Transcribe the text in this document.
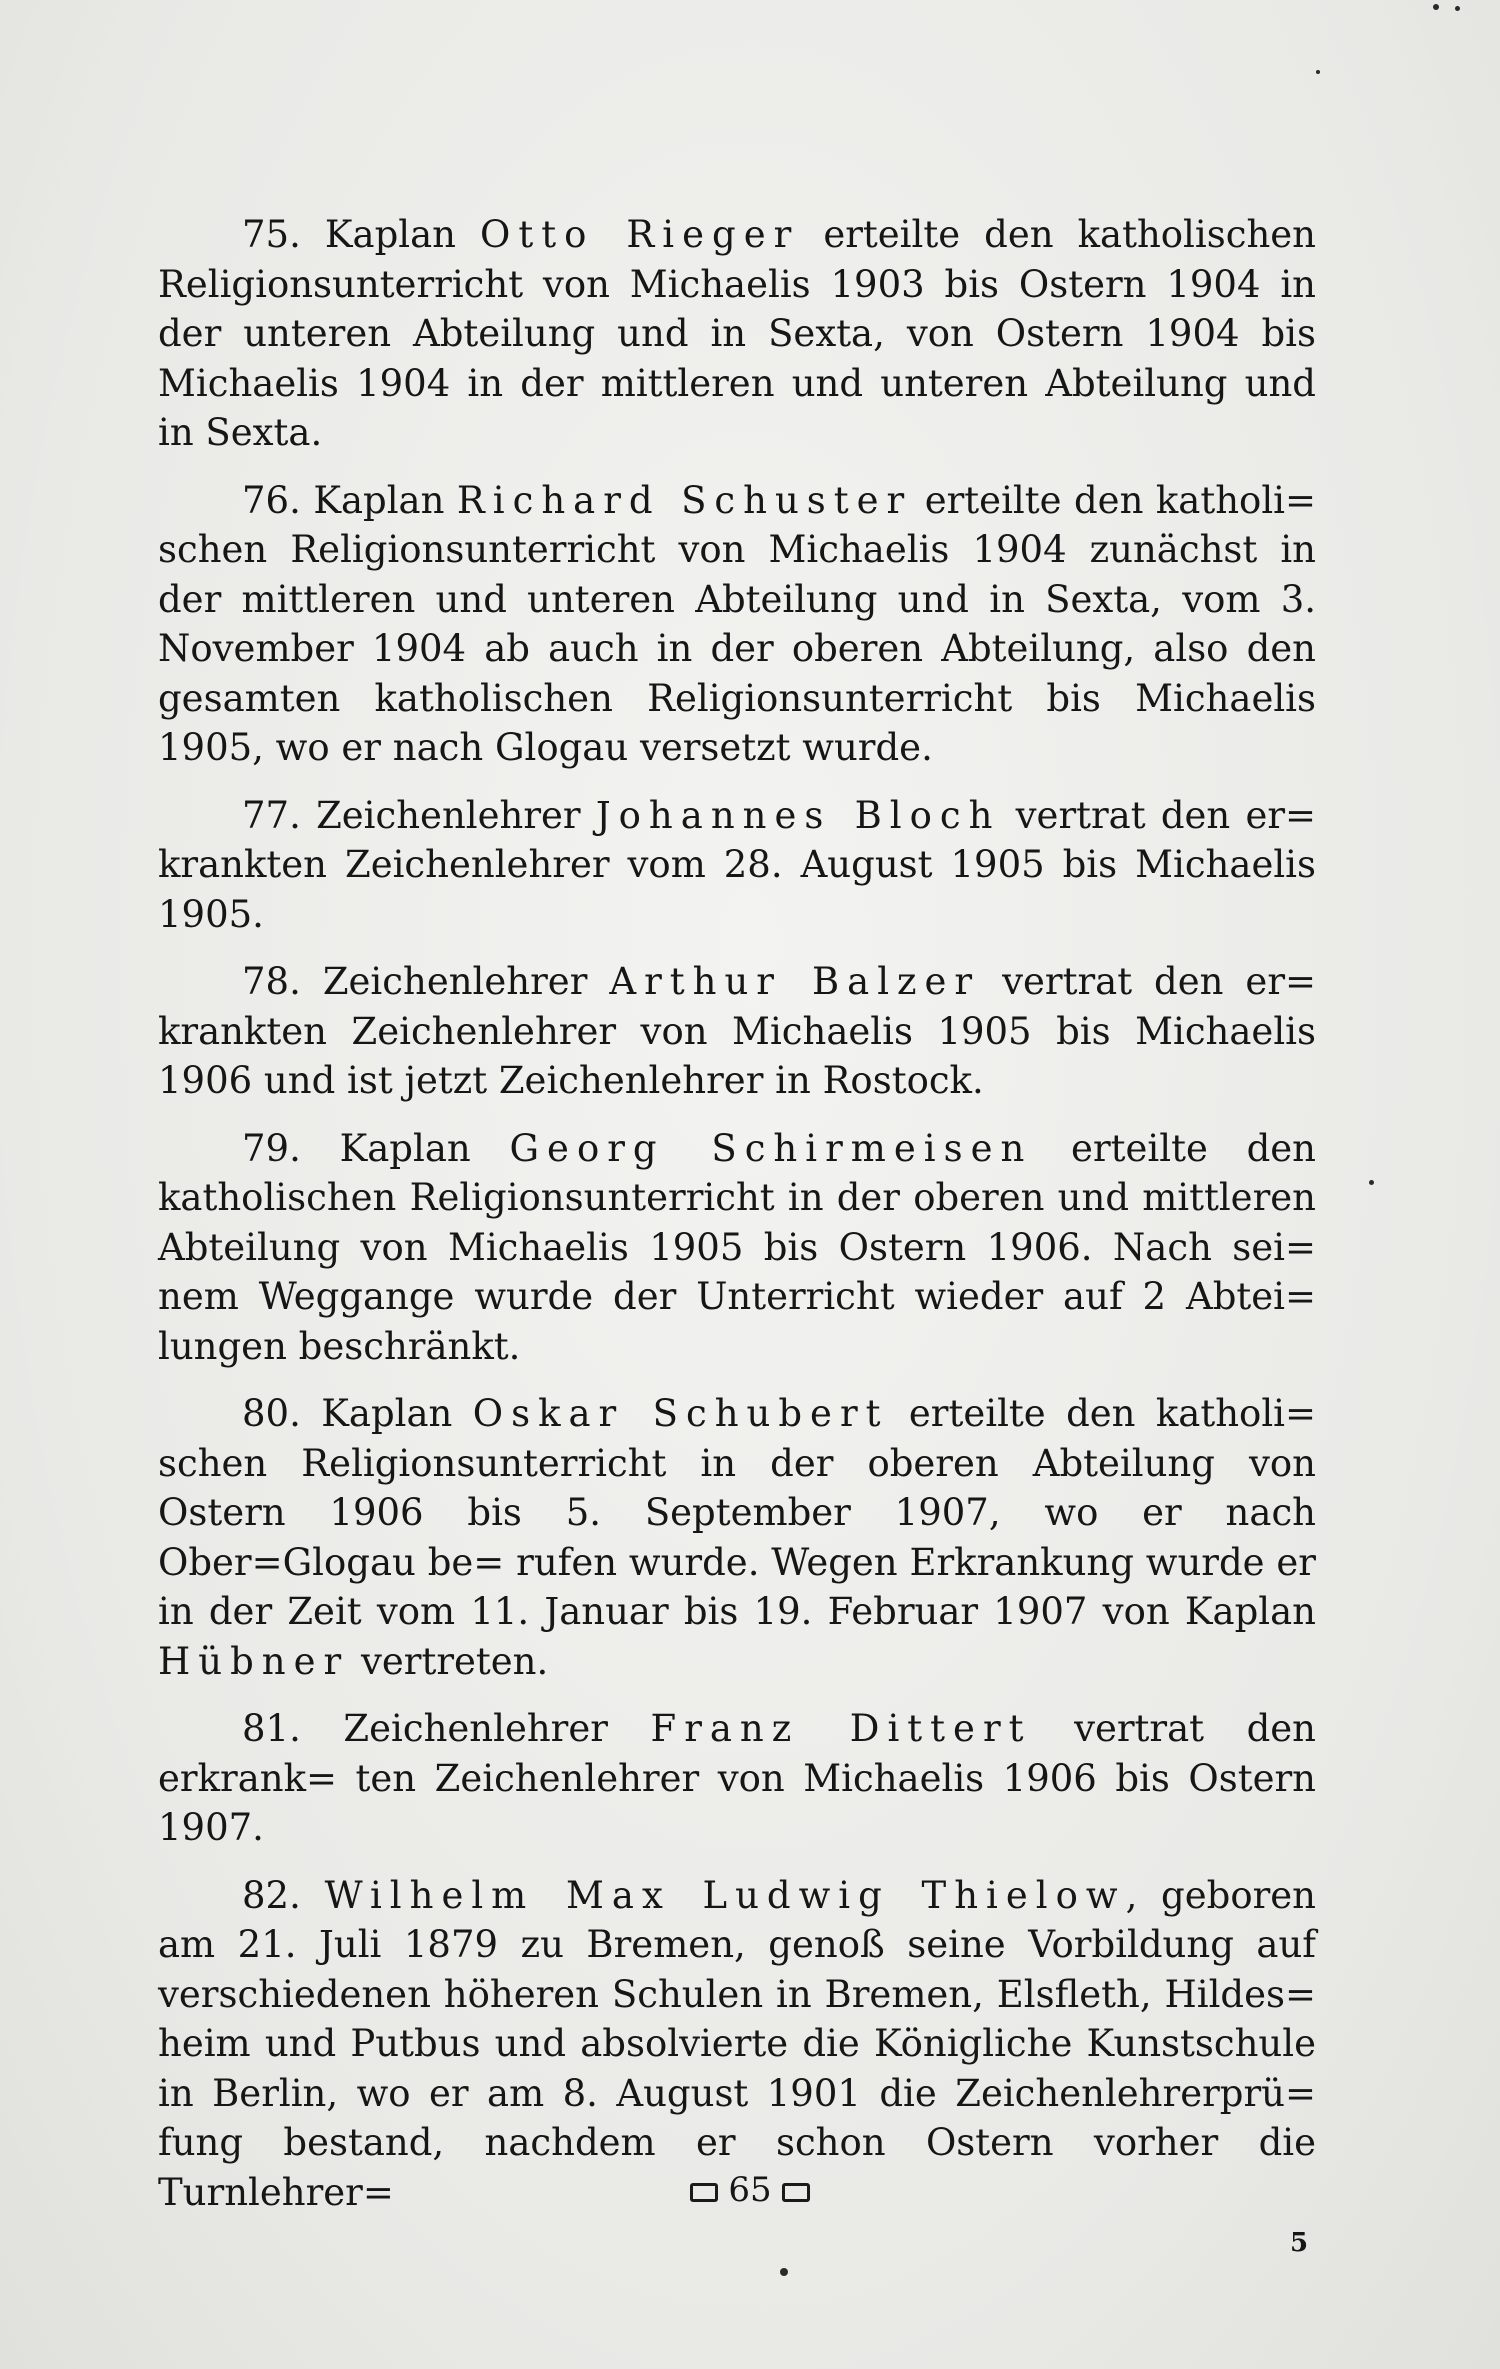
75. Kaplan Otto Rieger erteilte den katholischen Religionsunterricht von Michaelis 1903 bis Ostern 1904 in der unteren Abteilung und in Sexta, von Ostern 1904 bis Michaelis 1904 in der mittleren und unteren Abteilung und in Sexta.

76. Kaplan Richard Schuster erteilte den katholi= schen Religionsunterricht von Michaelis 1904 zunächst in der mittleren und unteren Abteilung und in Sexta, vom 3. November 1904 ab auch in der oberen Abteilung, also den gesamten katholischen Religionsunterricht bis Michaelis 1905, wo er nach Glogau versetzt wurde.

77. Zeichenlehrer Johannes Bloch vertrat den er= krankten Zeichenlehrer vom 28. August 1905 bis Michaelis 1905.

78. Zeichenlehrer Arthur Balzer vertrat den er= krankten Zeichenlehrer von Michaelis 1905 bis Michaelis 1906 und ist jetzt Zeichenlehrer in Rostock.

79. Kaplan Georg Schirmeisen erteilte den katholischen Religionsunterricht in der oberen und mittleren Abteilung von Michaelis 1905 bis Ostern 1906. Nach sei= nem Weggange wurde der Unterricht wieder auf 2 Abtei= lungen beschränkt.

80. Kaplan Oskar Schubert erteilte den katholi= schen Religionsunterricht in der oberen Abteilung von Ostern 1906 bis 5. September 1907, wo er nach Ober=Glogau be= rufen wurde. Wegen Erkrankung wurde er in der Zeit vom 11. Januar bis 19. Februar 1907 von Kaplan Hübner vertreten.

81. Zeichenlehrer Franz Dittert vertrat den erkrank= ten Zeichenlehrer von Michaelis 1906 bis Ostern 1907.

82. Wilhelm Max Ludwig Thielow, geboren am 21. Juli 1879 zu Bremen, genoß seine Vorbildung auf verschiedenen höheren Schulen in Bremen, Elsfleth, Hildes= heim und Putbus und absolvierte die Königliche Kunstschule in Berlin, wo er am 8. August 1901 die Zeichenlehrerprü= fung bestand, nachdem er schon Ostern vorher die Turnlehrer=	65
5
